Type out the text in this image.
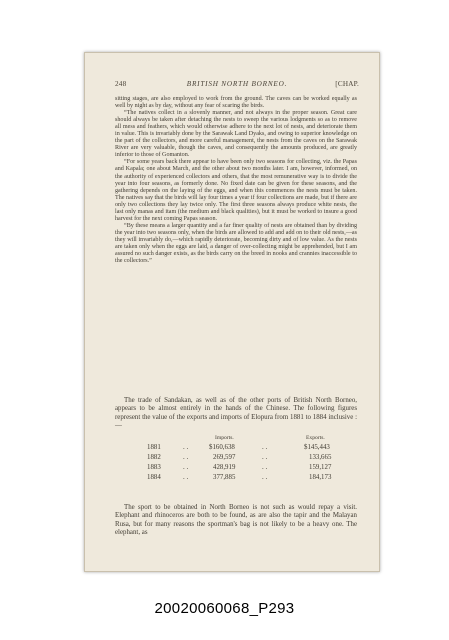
248	BRITISH NORTH BORNEO.	[CHAP.

sitting stages, are also employed to work from the ground. The caves can be worked equally as well by night as by day, without any fear of scaring the birds.

“The natives collect in a slovenly manner, and not always in the proper season. Great care should always be taken after detaching the nests to sweep the various lodgments so as to remove all mess and feathers, which would otherwise adhere to the next lot of nests, and deteriorate them in value. This is invariably done by the Sarawak Land Dyaks, and owing to superior knowledge on the part of the collectors, and more careful management, the nests from the caves on the Sarawak River are very valuable, though the caves, and consequently the amounts produced, are greatly inferior to those of Gomanton.

“For some years back there appear to have been only two seasons for collecting, viz. the Papas and Kapala; one about March, and the other about two months later. I am, however, informed, on the authority of experienced collectors and others, that the most remunerative way is to divide the year into four seasons, as formerly done. No fixed date can be given for these seasons, and the gathering depends on the laying of the eggs, and when this commences the nests must be taken. The natives say that the birds will lay four times a year if four collections are made, but if there are only two collections they lay twice only. The first three seasons always produce white nests, the last only manas and itam (the medium and black qualities), but it must be worked to insure a good harvest for the next coming Papas season.

“By these means a larger quantity and a far finer quality of nests are obtained than by dividing the year into two seasons only, when the birds are allowed to add and add on to their old nests,—as they will invariably do,—which rapidly deteriorate, becoming dirty and of low value. As the nests are taken only when the eggs are laid, a danger of over-collecting might be apprehended, but I am assured no such danger exists, as the birds carry on the breed in nooks and crannies inaccessible to the collectors.”

The trade of Sandakan, as well as of the other ports of British North Borneo, appears to be almost entirely in the hands of the Chinese. The following figures represent the value of the exports and imports of Elopura from 1881 to 1884 inclusive :—

Imports.	Exports.
1881	. .	$160,638	. .	$145,443
1882	. .	269,597	. .	133,665
1883	. .	428,919	. .	159,127
1884	. .	377,885	. .	184,173

The sport to be obtained in North Borneo is not such as would repay a visit. Elephant and rhinoceros are both to be found, as are also the tapir and the Malayan Rusa, but for many reasons the sportman's bag is not likely to be a heavy one. The elephant, as

20020060068_P293
